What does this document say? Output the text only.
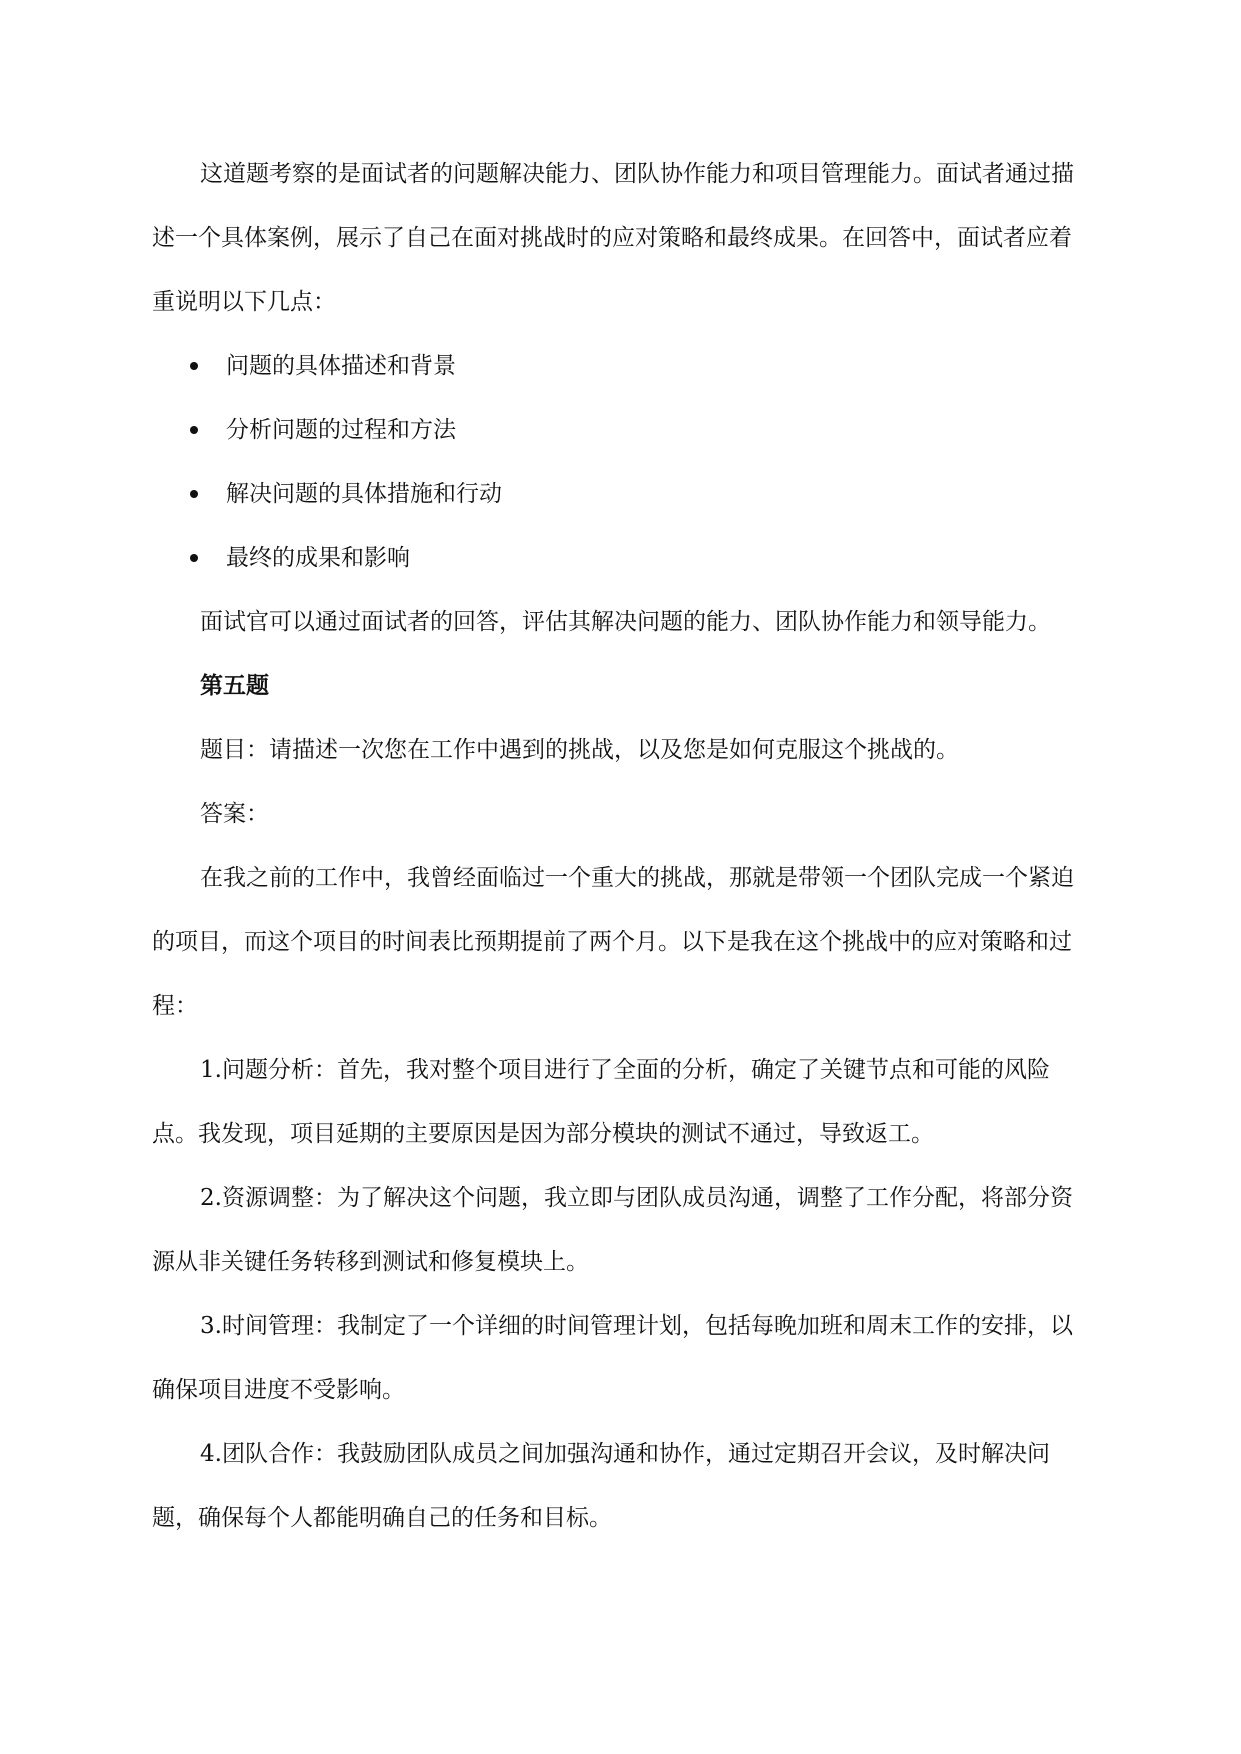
这道题考察的是面试者的问题解决能力、团队协作能力和项目管理能力。面试者通过描述一个具体案例，展示了自己在面对挑战时的应对策略和最终成果。在回答中，面试者应着重说明以下几点：

问题的具体描述和背景
分析问题的过程和方法
解决问题的具体措施和行动
最终的成果和影响

面试官可以通过面试者的回答，评估其解决问题的能力、团队协作能力和领导能力。

第五题

题目：请描述一次您在工作中遇到的挑战，以及您是如何克服这个挑战的。

答案：

在我之前的工作中，我曾经面临过一个重大的挑战，那就是带领一个团队完成一个紧迫的项目，而这个项目的时间表比预期提前了两个月。以下是我在这个挑战中的应对策略和过程：

1.问题分析：首先，我对整个项目进行了全面的分析，确定了关键节点和可能的风险点。我发现，项目延期的主要原因是因为部分模块的测试不通过，导致返工。

2.资源调整：为了解决这个问题，我立即与团队成员沟通，调整了工作分配，将部分资源从非关键任务转移到测试和修复模块上。

3.时间管理：我制定了一个详细的时间管理计划，包括每晚加班和周末工作的安排，以确保项目进度不受影响。

4.团队合作：我鼓励团队成员之间加强沟通和协作，通过定期召开会议，及时解决问题，确保每个人都能明确自己的任务和目标。
